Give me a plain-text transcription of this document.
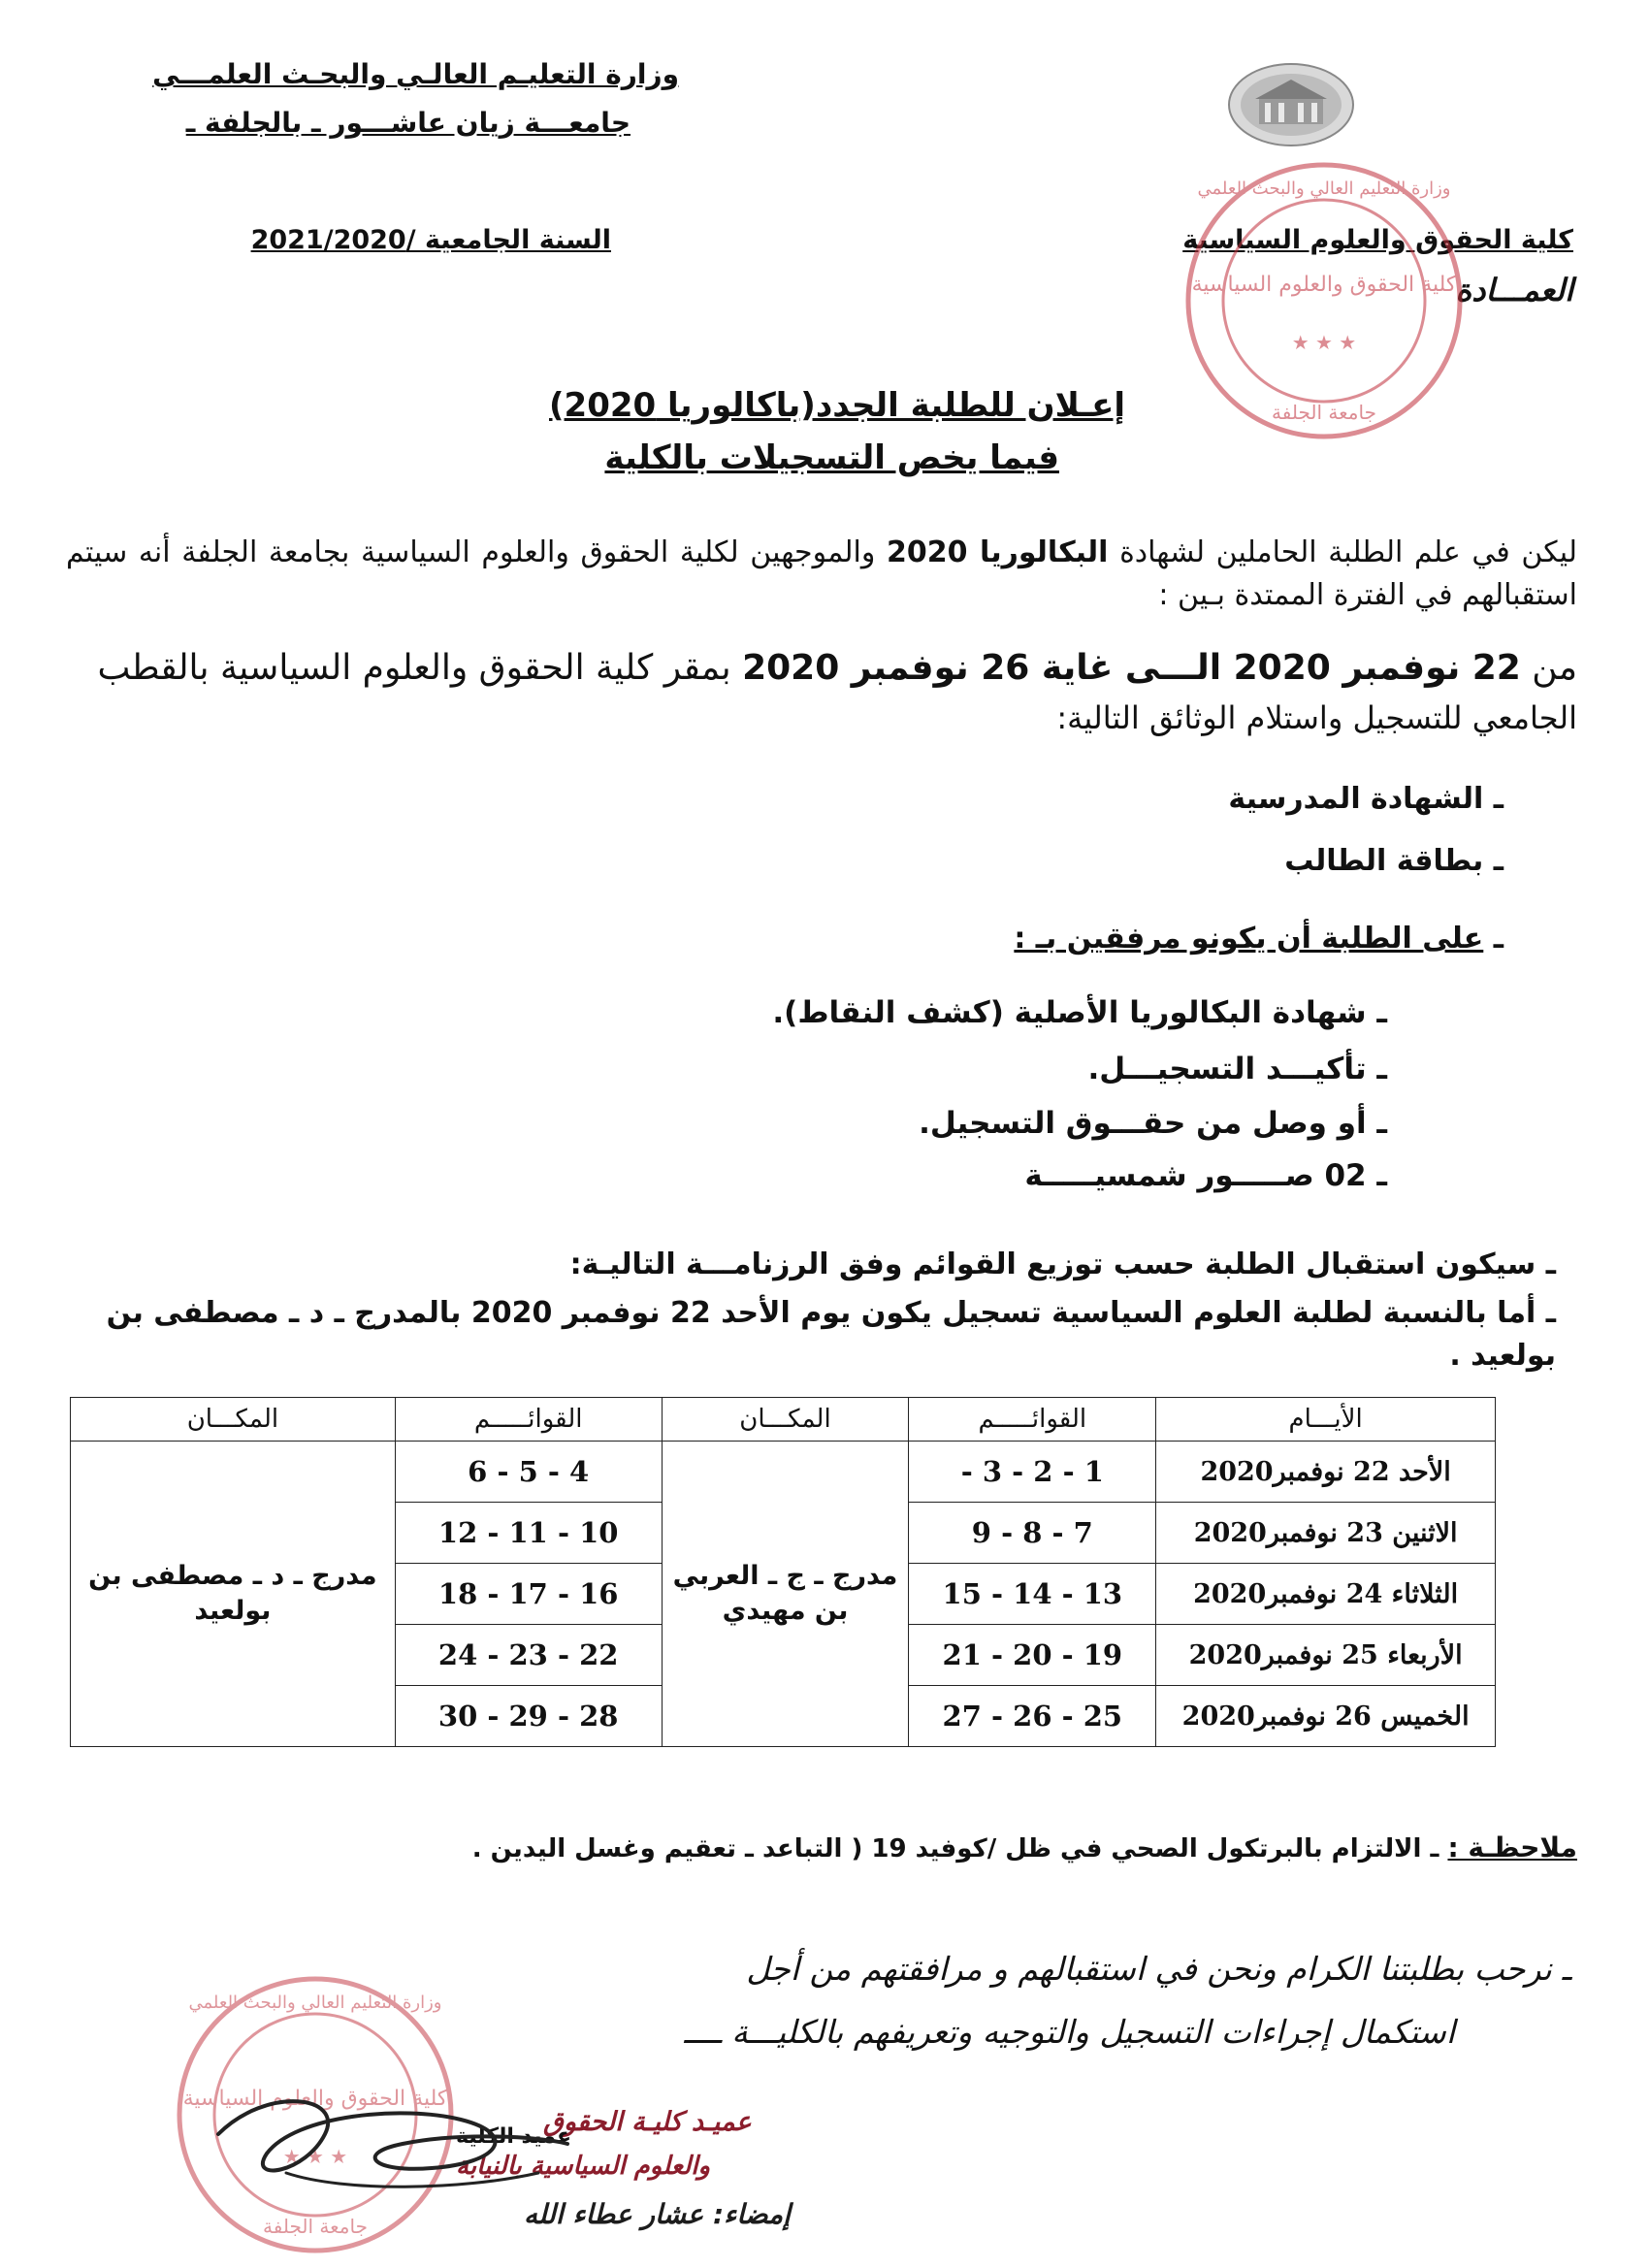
وزارة التعليـم العالـي والبحـث العلمـــي
جامعـــة زيان عاشـــور ـ بالجلفة ـ
كلية الحقوق والعلوم السياسية
العمـــادة
السنة الجامعية /2021/2020
كلية الحقوق والعلوم السياسية
★ ★ ★
وزارة التعليم العالي والبحث العلمي
جامعة الجلفة
إعـلان للطلبة الجدد(باكالوريا 2020)
فيما يخص التسجيلات بالكلية
ليكن في علم الطلبة الحاملين لشهادة البكالوريا 2020 والموجهين لكلية الحقوق والعلوم السياسية بجامعة الجلفة أنه سيتم استقبالهم في الفترة الممتدة بـين :
من 22 نوفمبر 2020 الـــى غاية 26 نوفمبر 2020 بمقر كلية الحقوق والعلوم السياسية بالقطب
الجامعي للتسجيل واستلام الوثائق التالية:
ـ الشهادة المدرسية
ـ بطاقة الطالب
ـ على الطلبة أن يكونو مرفقين بـ :
ـ شهادة البكالوريا الأصلية (كشف النقاط).
ـ تأكيـــد التسجيـــل.
ـ أو وصل من حقـــوق التسجيل.
ـ 02 صـــــور شمسيـــــة
ـ سيكون استقبال الطلبة حسب توزيع القوائم وفق الرزنامـــة التاليـة:
ـ أما بالنسبة لطلبة العلوم السياسية تسجيل يكون يوم الأحد 22 نوفمبر 2020 بالمدرج ـ د ـ مصطفى بن بولعيد .
الأيـــام	القوائـــــم	المكـــان	القوائـــــم	المكـــان
الأحد 22 نوفمبر2020	1 - 2 - 3 -	مدرج ـ ج ـ العربي بن مهيدي	4 - 5 - 6	مدرج ـ د ـ مصطفى بن بولعيد
الاثنين 23 نوفمبر2020	7 - 8 - 9		10 - 11 - 12	
الثلاثاء 24 نوفمبر2020	13 - 14 - 15		16 - 17 - 18	
الأربعاء 25 نوفمبر2020	19 - 20 - 21		22 - 23 - 24	
الخميس 26 نوفمبر2020	25 - 26 - 27		28 - 29 - 30	
ملاحظـة : ـ الالتزام بالبرتكول الصحي في ظل /كوفيد 19 ( التباعد ـ تعقيم وغسل اليدين .
ـ نرحب بطلبتنا الكرام ونحن في استقبالهم و مرافقتهم من أجل
استكمال إجراءات التسجيل والتوجيه وتعريفهم بالكليـــة ــــ
كلية الحقوق والعلوم السياسية
★ ★ ★
وزارة التعليم العالي والبحث العلمي
جامعة الجلفة
عميـد كليـة الحقوق
والعلوم السياسية بالنيابة
عميد الكلية
إمضاء: عشار عطاء الله
